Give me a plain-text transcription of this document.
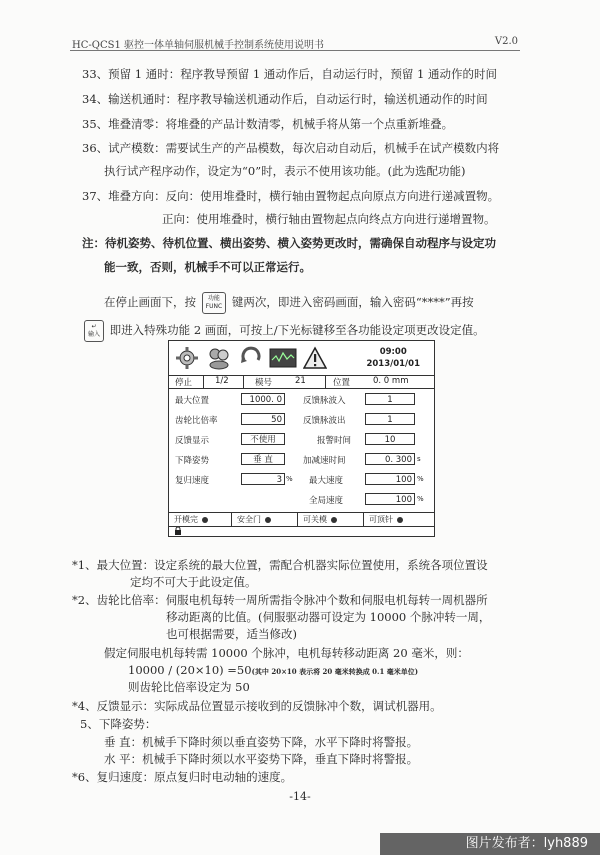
HC-QCS1 驱控一体单轴伺服机械手控制系统使用说明书	V2.0
33、预留 1 通时：程序教导预留 1 通动作后，自动运行时，预留 1 通动作的时间
34、输送机通时：程序教导输送机通动作后，自动运行时，输送机通动作的时间
35、堆叠清零：将堆叠的产品计数清零，机械手将从第一个点重新堆叠。
36、试产模数：需要试生产的产品模数，每次启动自动后，机械手在试产模数内将
执行试产程序动作，设定为“0”时，表示不使用该功能。(此为选配功能)
37、堆叠方向：反向：使用堆叠时，横行轴由置物起点向原点方向进行递减置物。
正向：使用堆叠时，横行轴由置物起点向终点方向进行递增置物。
注：待机姿势、待机位置、横出姿势、横入姿势更改时，需确保自动程序与设定功
能一致，否则，机械手不可以正常运行。
在停止画面下，按 功能
FUNC 键两次，即进入密码画面，输入密码“****”再按
↵
输入 即进入特殊功能 2 画面，可按上/下光标键移至各功能设定项更改设定值。
09:00
2013/01/01
停止	1/2	模号	21	位置	0. 0 mm
最大位置	1000. 0
齿轮比倍率	50
反馈显示	不使用
下降姿势	垂 直
复归速度	3 %
反馈脉波入	1
反馈脉波出	1
报警时间	10
加减速时间	0. 300 s
最大速度	100 %
全局速度	100 %
开模完	安全门	可关模	可顶针
*1、最大位置：设定系统的最大位置，需配合机器实际位置使用，系统各项位置设
定均不可大于此设定值。
*2、齿轮比倍率：伺服电机每转一周所需指令脉冲个数和伺服电机每转一周机器所
移动距离的比值。(伺服驱动器可设定为 10000 个脉冲转一周，
也可根据需要，适当修改)
假定伺服电机每转需 10000 个脉冲，电机每转移动距离 20 毫米，则：
10000 / (20×10) =50(其中 20×10 表示将 20 毫米转换成 0.1 毫米单位)
则齿轮比倍率设定为 50
*4、反馈显示：实际成品位置显示接收到的反馈脉冲个数，调试机器用。
5、下降姿势：
垂 直：机械手下降时须以垂直姿势下降，水平下降时将警报。
水 平：机械手下降时须以水平姿势下降，垂直下降时将警报。
*6、复归速度：原点复归时电动轴的速度。
-14-
图片发布者：lyh889
